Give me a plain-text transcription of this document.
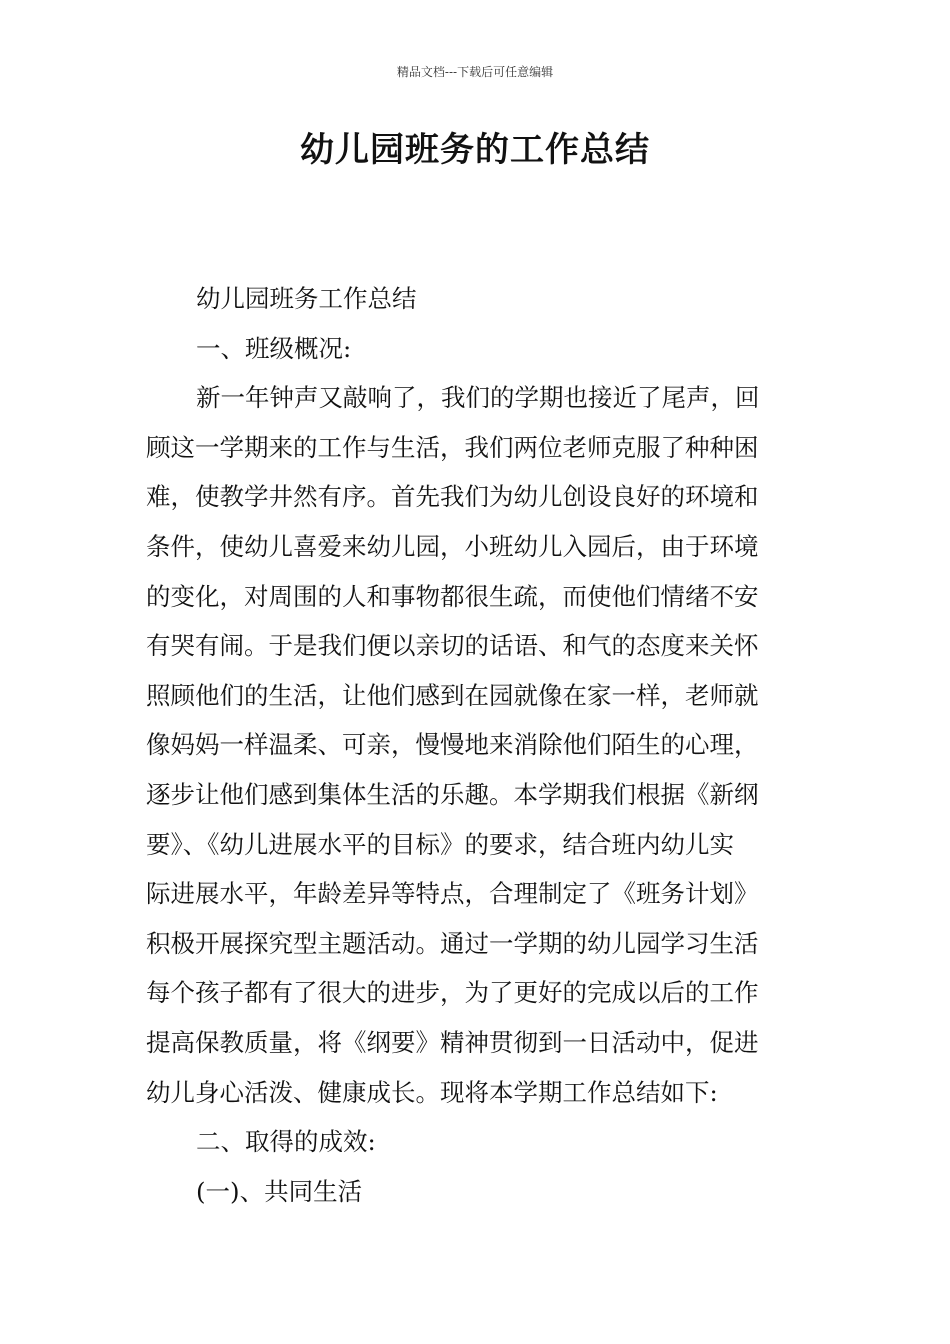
精品文档---下载后可任意编辑
幼儿园班务的工作总结

幼儿园班务工作总结

一、班级概况:

新一年钟声又敲响了，我们的学期也接近了尾声，回
顾这一学期来的工作与生活，我们两位老师克服了种种困
难，使教学井然有序。首先我们为幼儿创设良好的环境和
条件，使幼儿喜爱来幼儿园，小班幼儿入园后，由于环境
的变化，对周围的人和事物都很生疏，而使他们情绪不安
有哭有闹。于是我们便以亲切的话语、和气的态度来关怀
照顾他们的生活，让他们感到在园就像在家一样，老师就
像妈妈一样温柔、可亲，慢慢地来消除他们陌生的心理，
逐步让他们感到集体生活的乐趣。本学期我们根据《新纲
要》、《幼儿进展水平的目标》的要求，结合班内幼儿实
际进展水平，年龄差异等特点，合理制定了《班务计划》
积极开展探究型主题活动。通过一学期的幼儿园学习生活
每个孩子都有了很大的进步，为了更好的完成以后的工作
提高保教质量，将《纲要》精神贯彻到一日活动中，促进
幼儿身心活泼、健康成长。现将本学期工作总结如下:

二、取得的成效:

(一)、共同生活
